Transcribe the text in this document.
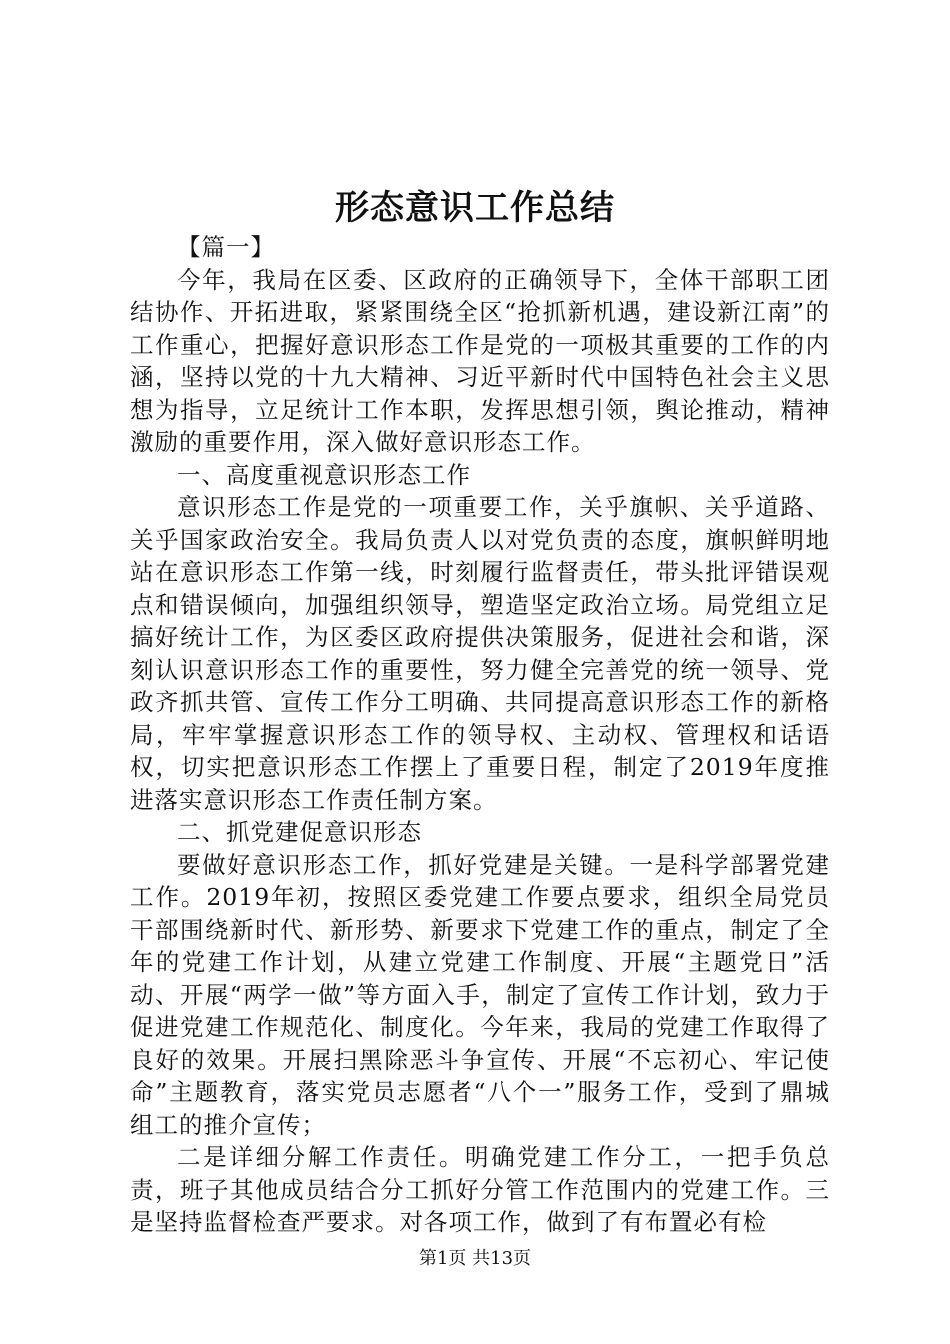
形态意识工作总结

【篇一】

今年，我局在区委、区政府的正确领导下，全体干部职工团结协作、开拓进取，紧紧围绕全区“抢抓新机遇，建设新江南”的工作重心，把握好意识形态工作是党的一项极其重要的工作的内涵，坚持以党的十九大精神、习近平新时代中国特色社会主义思想为指导，立足统计工作本职，发挥思想引领，舆论推动，精神激励的重要作用，深入做好意识形态工作。

一、高度重视意识形态工作

意识形态工作是党的一项重要工作，关乎旗帜、关乎道路、关乎国家政治安全。我局负责人以对党负责的态度，旗帜鲜明地站在意识形态工作第一线，时刻履行监督责任，带头批评错误观点和错误倾向，加强组织领导，塑造坚定政治立场。局党组立足搞好统计工作，为区委区政府提供决策服务，促进社会和谐，深刻认识意识形态工作的重要性，努力健全完善党的统一领导、党政齐抓共管、宣传工作分工明确、共同提高意识形态工作的新格局，牢牢掌握意识形态工作的领导权、主动权、管理权和话语权，切实把意识形态工作摆上了重要日程，制定了2019年度推进落实意识形态工作责任制方案。

二、抓党建促意识形态

要做好意识形态工作，抓好党建是关键。一是科学部署党建工作。2019年初，按照区委党建工作要点要求，组织全局党员干部围绕新时代、新形势、新要求下党建工作的重点，制定了全年的党建工作计划，从建立党建工作制度、开展“主题党日”活动、开展“两学一做”等方面入手，制定了宣传工作计划，致力于促进党建工作规范化、制度化。今年来，我局的党建工作取得了良好的效果。开展扫黑除恶斗争宣传、开展“不忘初心、牢记使命”主题教育，落实党员志愿者“八个一”服务工作，受到了鼎城组工的推介宣传；

二是详细分解工作责任。明确党建工作分工，一把手负总责，班子其他成员结合分工抓好分管工作范围内的党建工作。三是坚持监督检查严要求。对各项工作，做到了有布置必有检

第1页 共13页
